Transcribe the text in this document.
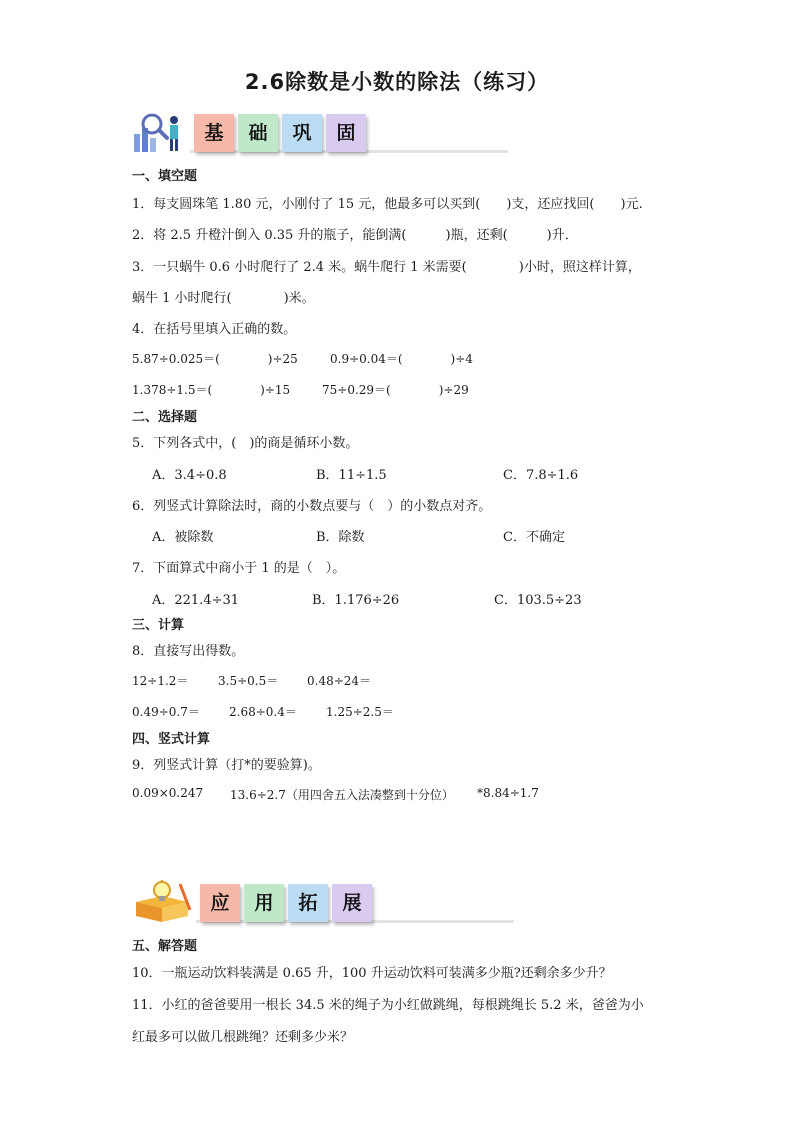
2.6除数是小数的除法（练习）
基	础	巩	固
一、填空题
1．每支圆珠笔 1.80 元，小刚付了 15 元，他最多可以买到(　　)支，还应找回(　　)元.
2．将 2.5 升橙汁倒入 0.35 升的瓶子，能倒满(　　　)瓶，还剩(　　　)升．
3．一只蜗牛 0.6 小时爬行了 2.4 米。蜗牛爬行 1 米需要(　　　　)小时，照这样计算，
蜗牛 1 小时爬行(　　　　)米。
4．在括号里填入正确的数。
5.87÷0.025＝(　　　　)÷25	0.9÷0.04＝(　　　　)÷4
1.378÷1.5＝(　　　　)÷15	75÷0.29＝(　　　　)÷29
二、选择题
5．下列各式中，(　)的商是循环小数。
A．3.4÷0.8	B．11÷1.5	C．7.8÷1.6
6．列竖式计算除法时，商的小数点要与（　）的小数点对齐。
A．被除数	B．除数	C．不确定
7．下面算式中商小于 1 的是（　）。
A．221.4÷31	B．1.176÷26	C．103.5÷23
三、计算
8．直接写出得数。
12÷1.2＝ 3.5÷0.5＝ 0.48÷24＝
0.49÷0.7＝ 2.68÷0.4＝ 1.25÷2.5＝
四、竖式计算
9．列竖式计算（打*的要验算)。
0.09×0.247 13.6÷2.7（用四舍五入法凑整到十分位） *8.84÷1.7
应	用	拓	展
五、解答题
10．一瓶运动饮料装满是 0.65 升，100 升运动饮料可装满多少瓶?还剩余多少升？
11．小红的爸爸要用一根长 34.5 米的绳子为小红做跳绳，每根跳绳长 5.2 米，爸爸为小
红最多可以做几根跳绳？还剩多少米？
